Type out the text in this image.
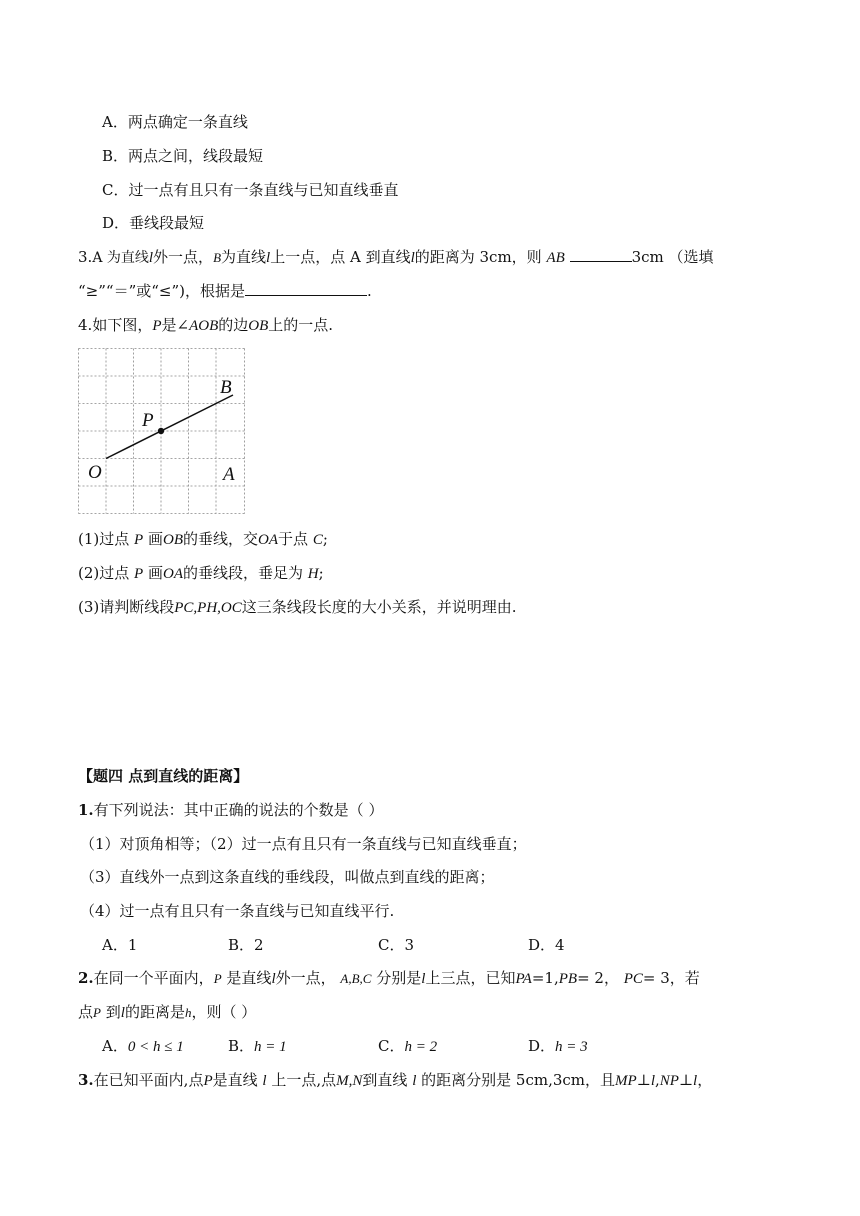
A．两点确定一条直线
B．两点之间，线段最短
C．过一点有且只有一条直线与已知直线垂直
D．垂线段最短
3.A 为直线l外一点，B为直线l上一点，点 A 到直线l的距离为 3cm，则 AB	3cm （选填
“≥”“＝”或“≤”)，根据是	.
4.如下图，P是∠AOB的边OB上的一点.
O
P
B
A
(1)过点 P 画OB的垂线，交OA于点 C;
(2)过点 P 画OA的垂线段，垂足为 H;
(3)请判断线段PC,PH,OC这三条线段长度的大小关系，并说明理由.
【题四 点到直线的距离】
1.有下列说法：其中正确的说法的个数是（ ）
（1）对顶角相等；（2）过一点有且只有一条直线与已知直线垂直；
（3）直线外一点到这条直线的垂线段，叫做点到直线的距离；
（4）过一点有且只有一条直线与已知直线平行.
A．1	B．2	C．3	D．4
2.在同一个平面内，P 是直线l外一点， A,B,C 分别是l上三点，已知PA=1,PB= 2， PC= 3，若
点P 到l的距离是h，则（ ）
A．0 < h ≤ 1	B．h = 1	C．h = 2	D．h = 3
3.在已知平面内,点P是直线 l 上一点,点M,N到直线 l 的距离分别是 5cm,3cm，且MP⊥l,NP⊥l，
